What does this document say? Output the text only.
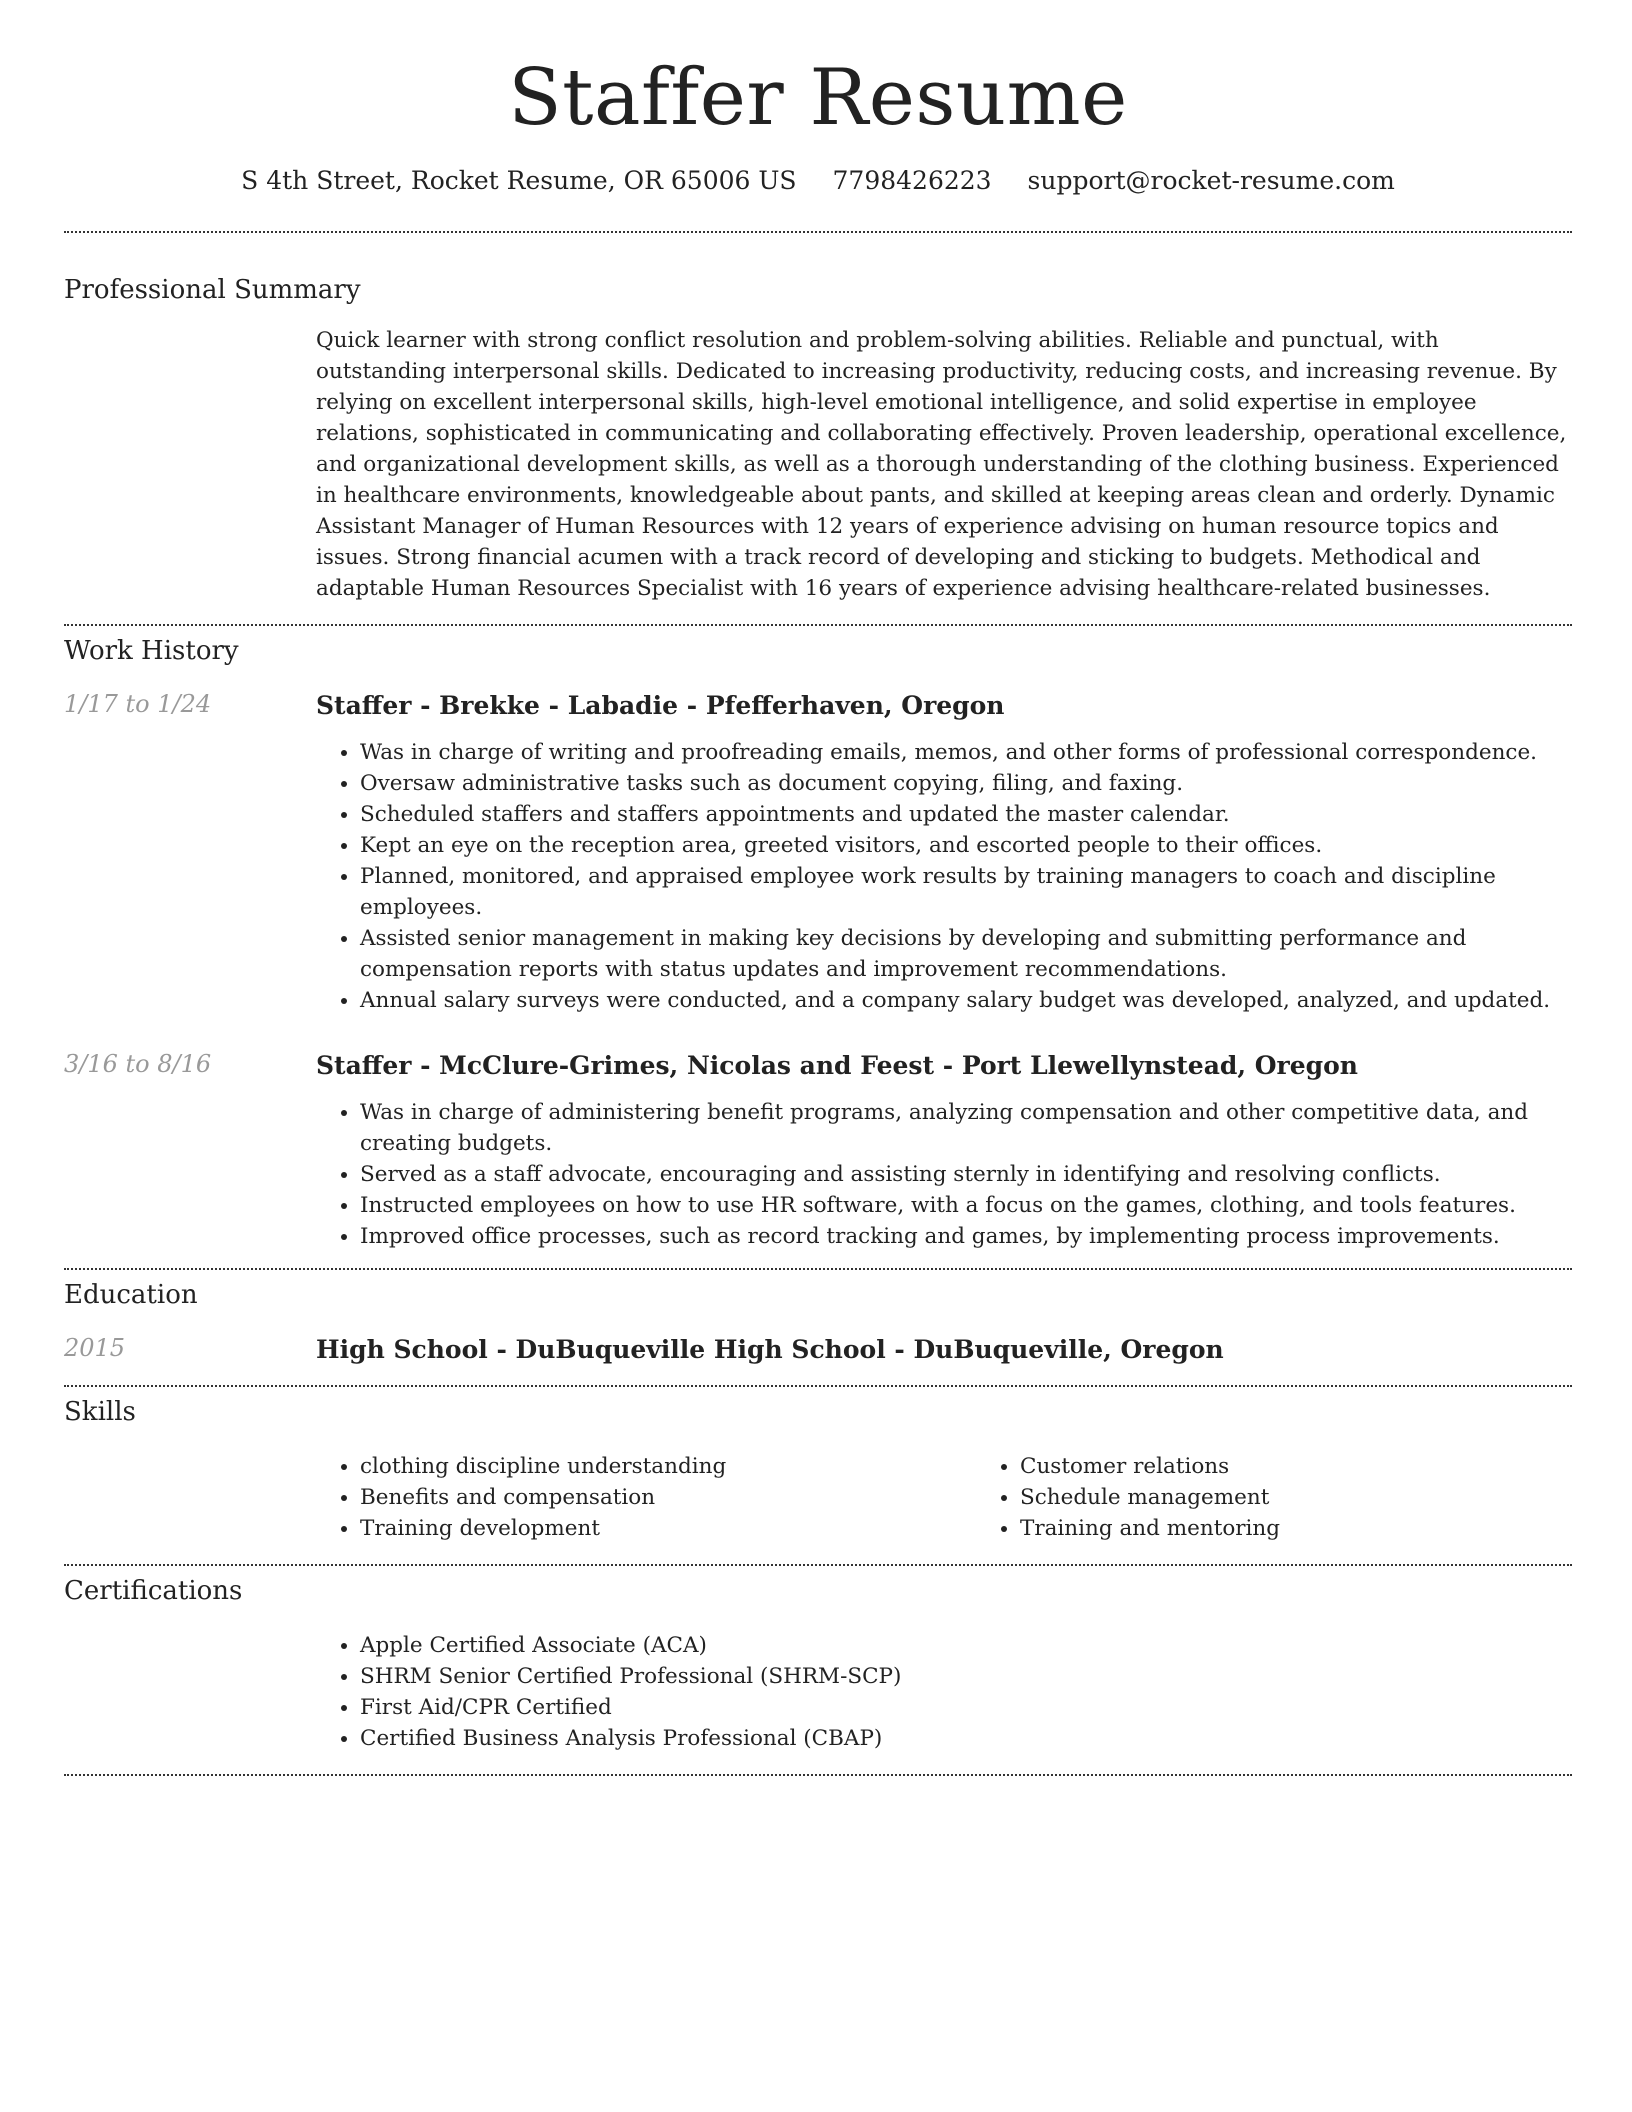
Staffer Resume
S 4th Street, Rocket Resume, OR 65006 US 7798426223 support@rocket-resume.com
Professional Summary

Quick learner with strong conflict resolution and problem-solving abilities. Reliable and punctual, with outstanding interpersonal skills. Dedicated to increasing productivity, reducing costs, and increasing revenue. By relying on excellent interpersonal skills, high-level emotional intelligence, and solid expertise in employee relations, sophisticated in communicating and collaborating effectively. Proven leadership, operational excellence, and organizational development skills, as well as a thorough understanding of the clothing business. Experienced in healthcare environments, knowledgeable about pants, and skilled at keeping areas clean and orderly. Dynamic Assistant Manager of Human Resources with 12 years of experience advising on human resource topics and issues. Strong financial acumen with a track record of developing and sticking to budgets. Methodical and adaptable Human Resources Specialist with 16 years of experience advising healthcare-related businesses.

Work History
1/17 to 1/24	Staffer - Brekke - Labadie - Pfefferhaven, Oregon
• Was in charge of writing and proofreading emails, memos, and other forms of professional correspondence.
• Oversaw administrative tasks such as document copying, filing, and faxing.
• Scheduled staffers and staffers appointments and updated the master calendar.
• Kept an eye on the reception area, greeted visitors, and escorted people to their offices.
• Planned, monitored, and appraised employee work results by training managers to coach and discipline employees.
• Assisted senior management in making key decisions by developing and submitting performance and compensation reports with status updates and improvement recommendations.
• Annual salary surveys were conducted, and a company salary budget was developed, analyzed, and updated.
3/16 to 8/16	Staffer - McClure-Grimes, Nicolas and Feest - Port Llewellynstead, Oregon
• Was in charge of administering benefit programs, analyzing compensation and other competitive data, and creating budgets.
• Served as a staff advocate, encouraging and assisting sternly in identifying and resolving conflicts.
• Instructed employees on how to use HR software, with a focus on the games, clothing, and tools features.
• Improved office processes, such as record tracking and games, by implementing process improvements.
Education
2015	High School - DuBuqueville High School - DuBuqueville, Oregon
Skills
• clothing discipline understanding
• Benefits and compensation
• Training development
• Customer relations
• Schedule management
• Training and mentoring
Certifications
• Apple Certified Associate (ACA)
• SHRM Senior Certified Professional (SHRM-SCP)
• First Aid/CPR Certified
• Certified Business Analysis Professional (CBAP)
